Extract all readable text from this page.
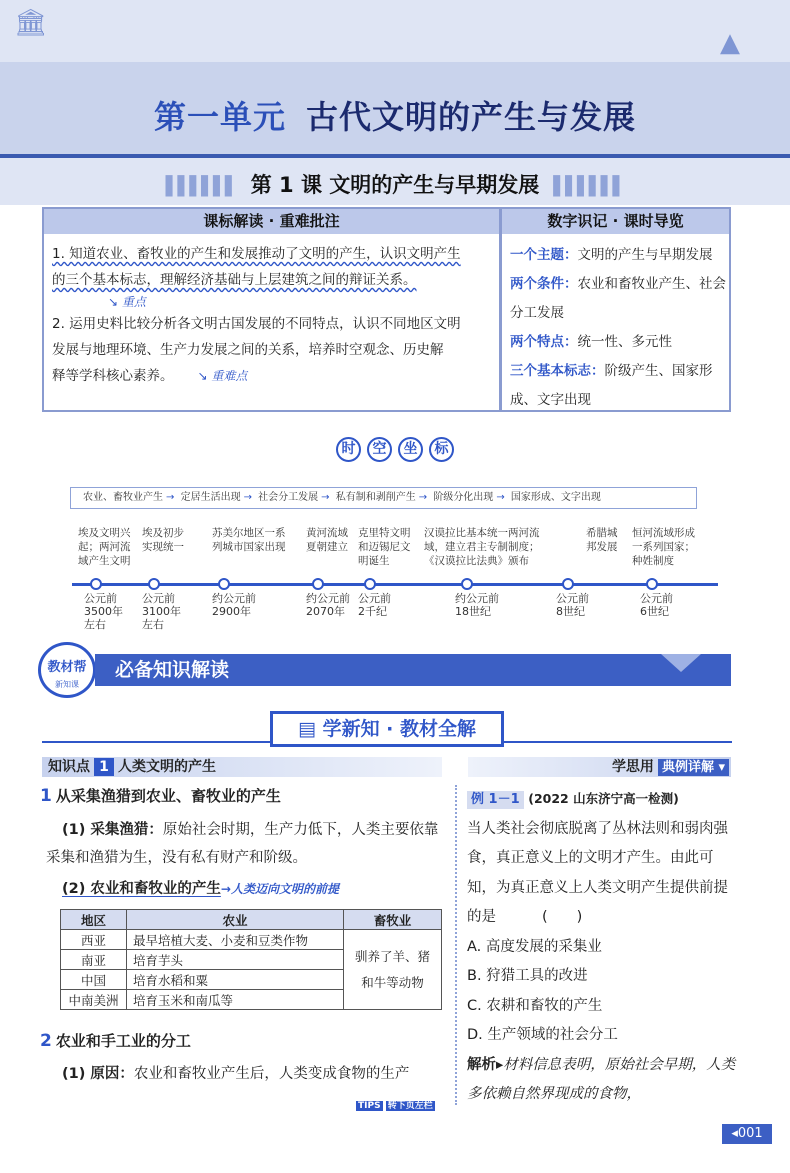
🏛
▲
第一单元 古代文明的产生与发展
▌▌▌▌▌▌ 第 1 课 文明的产生与早期发展 ▌▌▌▌▌▌
课标解读 · 重难批注	数字识记 · 课时导览
1. 知道农业、畜牧业的产生和发展推动了文明的产生，认识文明产生
的三个基本标志，理解经济基础与上层建筑之间的辩证关系。
↘ 重点
2. 运用史料比较分析各文明古国发展的不同特点，认识不同地区文明
发展与地理环境、生产力发展之间的关系，培养时空观念、历史解
释等学科核心素养。 ↘ 重难点
一个主题：文明的产生与早期发展
两个条件：农业和畜牧业产生、社会分工发展
两个特点：统一性、多元性
三个基本标志：阶级产生、国家形成、文字出现
时 空 坐 标
农业、畜牧业产生 → 定居生活出现 → 社会分工发展 → 私有制和剥削产生 → 阶级分化出现 → 国家形成、文字出现
埃及文明兴
起；两河流
域产生文明
公元前
3500年
左右
埃及初步
实现统一
公元前
3100年
左右
苏美尔地区一系
列城市国家出现
约公元前
2900年
黄河流域
夏朝建立
约公元前
2070年
克里特文明
和迈锡尼文
明诞生
公元前
2千纪
汉谟拉比基本统一两河流
域，建立君主专制制度；
《汉谟拉比法典》颁布
约公元前
18世纪
希腊城
邦发展
公元前
8世纪
恒河流域形成
一系列国家；
种姓制度
公元前
6世纪
教材帮
新知课
必备知识解读
▤ 学新知 · 教材全解
知识点 1 人类文明的产生	学思用 典例详解 ▾
1 从采集渔猎到农业、畜牧业的产生
(1) 采集渔猎：原始社会时期，生产力低下，人类主要依靠采集和渔猎为生，没有私有财产和阶级。
(2) 农业和畜牧业的产生→人类迈向文明的前提
地区	农业	畜牧业
西亚	最早培植大麦、小麦和豆类作物	驯养了羊、猪和牛等动物
南亚	培育芋头	
中国	培育水稻和粟	
中南美洲	培育玉米和南瓜等	
2 农业和手工业的分工
(1) 原因：农业和畜牧业产生后，人类变成食物的生产
例 1－1 (2022 山东济宁高一检测)
当人类社会彻底脱离了丛林法则和弱肉强食，真正意义上的文明才产生。由此可知，为真正意义上人类文明产生提供前提的是	(　　)
A. 高度发展的采集业
B. 狩猎工具的改进
C. 农耕和畜牧的产生
D. 生产领域的社会分工
解析▸材料信息表明，原始社会早期，人类多依赖自然界现成的食物，
TIPS 转下页左栏
◂001
